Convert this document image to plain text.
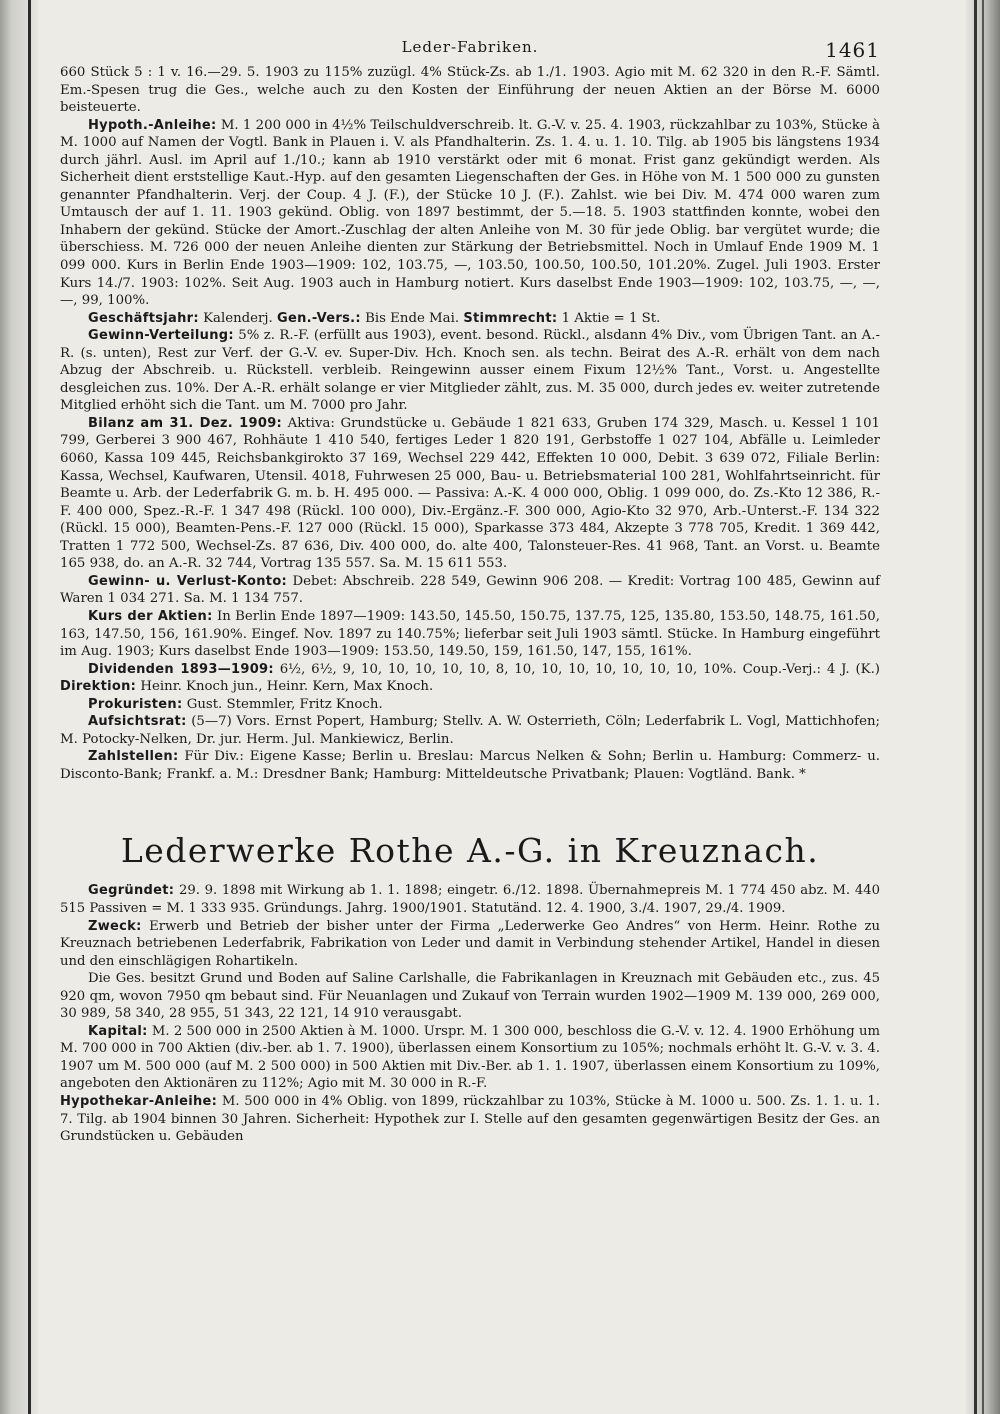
Leder-Fabriken.	1461

660 Stück 5 : 1 v. 16.—29. 5. 1903 zu 115% zuzügl. 4% Stück-Zs. ab 1./1. 1903. Agio mit M. 62 320 in den R.-F. Sämtl. Em.-Spesen trug die Ges., welche auch zu den Kosten der Einführung der neuen Aktien an der Börse M. 6000 beisteuerte.

Hypoth.-Anleihe: M. 1 200 000 in 4½% Teilschuldverschreib. lt. G.-V. v. 25. 4. 1903, rückzahlbar zu 103%, Stücke à M. 1000 auf Namen der Vogtl. Bank in Plauen i. V. als Pfandhalterin. Zs. 1. 4. u. 1. 10. Tilg. ab 1905 bis längstens 1934 durch jährl. Ausl. im April auf 1./10.; kann ab 1910 verstärkt oder mit 6 monat. Frist ganz gekündigt werden. Als Sicherheit dient erststellige Kaut.-Hyp. auf den gesamten Liegenschaften der Ges. in Höhe von M. 1 500 000 zu gunsten genannter Pfandhalterin. Verj. der Coup. 4 J. (F.), der Stücke 10 J. (F.). Zahlst. wie bei Div. M. 474 000 waren zum Umtausch der auf 1. 11. 1903 gekünd. Oblig. von 1897 bestimmt, der 5.—18. 5. 1903 stattfinden konnte, wobei den Inhabern der gekünd. Stücke der Amort.-Zuschlag der alten Anleihe von M. 30 für jede Oblig. bar vergütet wurde; die überschiess. M. 726 000 der neuen Anleihe dienten zur Stärkung der Betriebsmittel. Noch in Umlauf Ende 1909 M. 1 099 000. Kurs in Berlin Ende 1903—1909: 102, 103.75, —, 103.50, 100.50, 100.50, 101.20%. Zugel. Juli 1903. Erster Kurs 14./7. 1903: 102%. Seit Aug. 1903 auch in Hamburg notiert. Kurs daselbst Ende 1903—1909: 102, 103.75, —, —, —, 99, 100%.

Geschäftsjahr: Kalenderj. Gen.-Vers.: Bis Ende Mai. Stimmrecht: 1 Aktie = 1 St.

Gewinn-Verteilung: 5% z. R.-F. (erfüllt aus 1903), event. besond. Rückl., alsdann 4% Div., vom Übrigen Tant. an A.-R. (s. unten), Rest zur Verf. der G.-V. ev. Super-Div. Hch. Knoch sen. als techn. Beirat des A.-R. erhält von dem nach Abzug der Abschreib. u. Rückstell. verbleib. Reingewinn ausser einem Fixum 12½% Tant., Vorst. u. Angestellte desgleichen zus. 10%. Der A.-R. erhält solange er vier Mitglieder zählt, zus. M. 35 000, durch jedes ev. weiter zutretende Mitglied erhöht sich die Tant. um M. 7000 pro Jahr.

Bilanz am 31. Dez. 1909: Aktiva: Grundstücke u. Gebäude 1 821 633, Gruben 174 329, Masch. u. Kessel 1 101 799, Gerberei 3 900 467, Rohhäute 1 410 540, fertiges Leder 1 820 191, Gerbstoffe 1 027 104, Abfälle u. Leimleder 6060, Kassa 109 445, Reichsbankgirokto 37 169, Wechsel 229 442, Effekten 10 000, Debit. 3 639 072, Filiale Berlin: Kassa, Wechsel, Kaufwaren, Utensil. 4018, Fuhrwesen 25 000, Bau- u. Betriebsmaterial 100 281, Wohlfahrtseinricht. für Beamte u. Arb. der Lederfabrik G. m. b. H. 495 000. — Passiva: A.-K. 4 000 000, Oblig. 1 099 000, do. Zs.-Kto 12 386, R.-F. 400 000, Spez.-R.-F. 1 347 498 (Rückl. 100 000), Div.-Ergänz.-F. 300 000, Agio-Kto 32 970, Arb.-Unterst.-F. 134 322 (Rückl. 15 000), Beamten-Pens.-F. 127 000 (Rückl. 15 000), Sparkasse 373 484, Akzepte 3 778 705, Kredit. 1 369 442, Tratten 1 772 500, Wechsel-Zs. 87 636, Div. 400 000, do. alte 400, Talonsteuer-Res. 41 968, Tant. an Vorst. u. Beamte 165 938, do. an A.-R. 32 744, Vortrag 135 557. Sa. M. 15 611 553.

Gewinn- u. Verlust-Konto: Debet: Abschreib. 228 549, Gewinn 906 208. — Kredit: Vortrag 100 485, Gewinn auf Waren 1 034 271. Sa. M. 1 134 757.

Kurs der Aktien: In Berlin Ende 1897—1909: 143.50, 145.50, 150.75, 137.75, 125, 135.80, 153.50, 148.75, 161.50, 163, 147.50, 156, 161.90%. Eingef. Nov. 1897 zu 140.75%; lieferbar seit Juli 1903 sämtl. Stücke. In Hamburg eingeführt im Aug. 1903; Kurs daselbst Ende 1903—1909: 153.50, 149.50, 159, 161.50, 147, 155, 161%.

Dividenden 1893—1909: 6½, 6½, 9, 10, 10, 10, 10, 10, 8, 10, 10, 10, 10, 10, 10, 10, 10%. Coup.-Verj.: 4 J. (K.) Direktion: Heinr. Knoch jun., Heinr. Kern, Max Knoch.

Prokuristen: Gust. Stemmler, Fritz Knoch.

Aufsichtsrat: (5—7) Vors. Ernst Popert, Hamburg; Stellv. A. W. Osterrieth, Cöln; Lederfabrik L. Vogl, Mattichhofen; M. Potocky-Nelken, Dr. jur. Herm. Jul. Mankiewicz, Berlin.

Zahlstellen: Für Div.: Eigene Kasse; Berlin u. Breslau: Marcus Nelken & Sohn; Berlin u. Hamburg: Commerz- u. Disconto-Bank; Frankf. a. M.: Dresdner Bank; Hamburg: Mitteldeutsche Privatbank; Plauen: Vogtländ. Bank. *

Lederwerke Rothe A.-G. in Kreuznach.

Gegründet: 29. 9. 1898 mit Wirkung ab 1. 1. 1898; eingetr. 6./12. 1898. Übernahmepreis M. 1 774 450 abz. M. 440 515 Passiven = M. 1 333 935. Gründungs. Jahrg. 1900/1901. Statutänd. 12. 4. 1900, 3./4. 1907, 29./4. 1909.

Zweck: Erwerb und Betrieb der bisher unter der Firma „Lederwerke Geo Andres“ von Herm. Heinr. Rothe zu Kreuznach betriebenen Lederfabrik, Fabrikation von Leder und damit in Verbindung stehender Artikel, Handel in diesen und den einschlägigen Rohartikeln.

Die Ges. besitzt Grund und Boden auf Saline Carlshalle, die Fabrikanlagen in Kreuznach mit Gebäuden etc., zus. 45 920 qm, wovon 7950 qm bebaut sind. Für Neuanlagen und Zukauf von Terrain wurden 1902—1909 M. 139 000, 269 000, 30 989, 58 340, 28 955, 51 343, 22 121, 14 910 verausgabt.

Kapital: M. 2 500 000 in 2500 Aktien à M. 1000. Urspr. M. 1 300 000, beschloss die G.-V. v. 12. 4. 1900 Erhöhung um M. 700 000 in 700 Aktien (div.-ber. ab 1. 7. 1900), überlassen einem Konsortium zu 105%; nochmals erhöht lt. G.-V. v. 3. 4. 1907 um M. 500 000 (auf M. 2 500 000) in 500 Aktien mit Div.-Ber. ab 1. 1. 1907, überlassen einem Konsortium zu 109%, angeboten den Aktionären zu 112%; Agio mit M. 30 000 in R.-F.

Hypothekar-Anleihe: M. 500 000 in 4% Oblig. von 1899, rückzahlbar zu 103%, Stücke à M. 1000 u. 500. Zs. 1. 1. u. 1. 7. Tilg. ab 1904 binnen 30 Jahren. Sicherheit: Hypothek zur I. Stelle auf den gesamten gegenwärtigen Besitz der Ges. an Grundstücken u. Gebäuden
